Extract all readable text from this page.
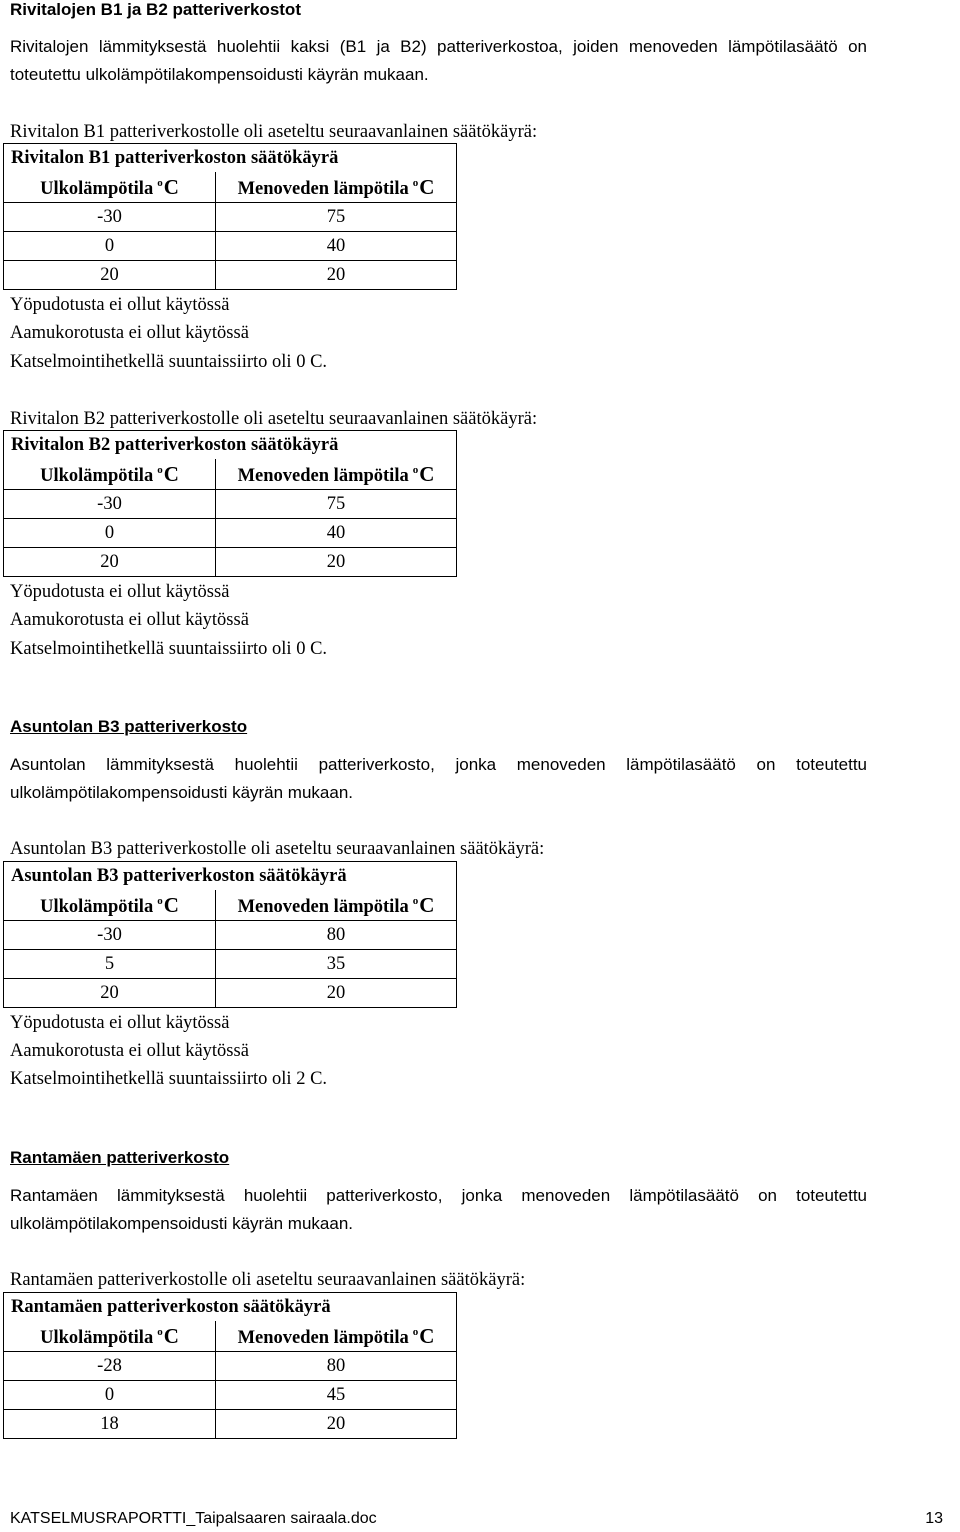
Rivitalojen B1 ja B2 patteriverkostot
Rivitalojen lämmityksestä huolehtii kaksi (B1 ja B2) patteriverkostoa, joiden menoveden lämpötilasäätö on toteutettu ulkolämpötilakompensoidusti käyrän mukaan.
Rivitalon B1 patteriverkostolle oli aseteltu seuraavanlainen säätökäyrä:
Rivitalon B1 patteriverkoston säätökäyrä	
Ulkolämpötila $^o$C	Menoveden lämpötila $^o$C
-30	75
0	40
20	20
Yöpudotusta ei ollut käytössä
Aamukorotusta ei ollut käytössä
Katselmointihetkellä suuntaissiirto oli 0 C.
Rivitalon B2 patteriverkostolle oli aseteltu seuraavanlainen säätökäyrä:
Rivitalon B2 patteriverkoston säätökäyrä	
Ulkolämpötila $^o$C	Menoveden lämpötila $^o$C
-30	75
0	40
20	20
Yöpudotusta ei ollut käytössä
Aamukorotusta ei ollut käytössä
Katselmointihetkellä suuntaissiirto oli 0 C.
Asuntolan B3 patteriverkosto
Asuntolan lämmityksestä huolehtii patteriverkosto, jonka menoveden lämpötilasäätö on toteutettu ulkolämpötilakompensoidusti käyrän mukaan.
Asuntolan B3 patteriverkostolle oli aseteltu seuraavanlainen säätökäyrä:
Asuntolan B3 patteriverkoston säätökäyrä	
Ulkolämpötila $^o$C	Menoveden lämpötila $^o$C
-30	80
5	35
20	20
Yöpudotusta ei ollut käytössä
Aamukorotusta ei ollut käytössä
Katselmointihetkellä suuntaissiirto oli 2 C.
Rantamäen patteriverkosto
Rantamäen lämmityksestä huolehtii patteriverkosto, jonka menoveden lämpötilasäätö on toteutettu ulkolämpötilakompensoidusti käyrän mukaan.
Rantamäen patteriverkostolle oli aseteltu seuraavanlainen säätökäyrä:
Rantamäen patteriverkoston säätökäyrä	
Ulkolämpötila $^o$C	Menoveden lämpötila $^o$C
-28	80
0	45
18	20
KATSELMUSRAPORTTI_Taipalsaaren sairaala.doc	13
